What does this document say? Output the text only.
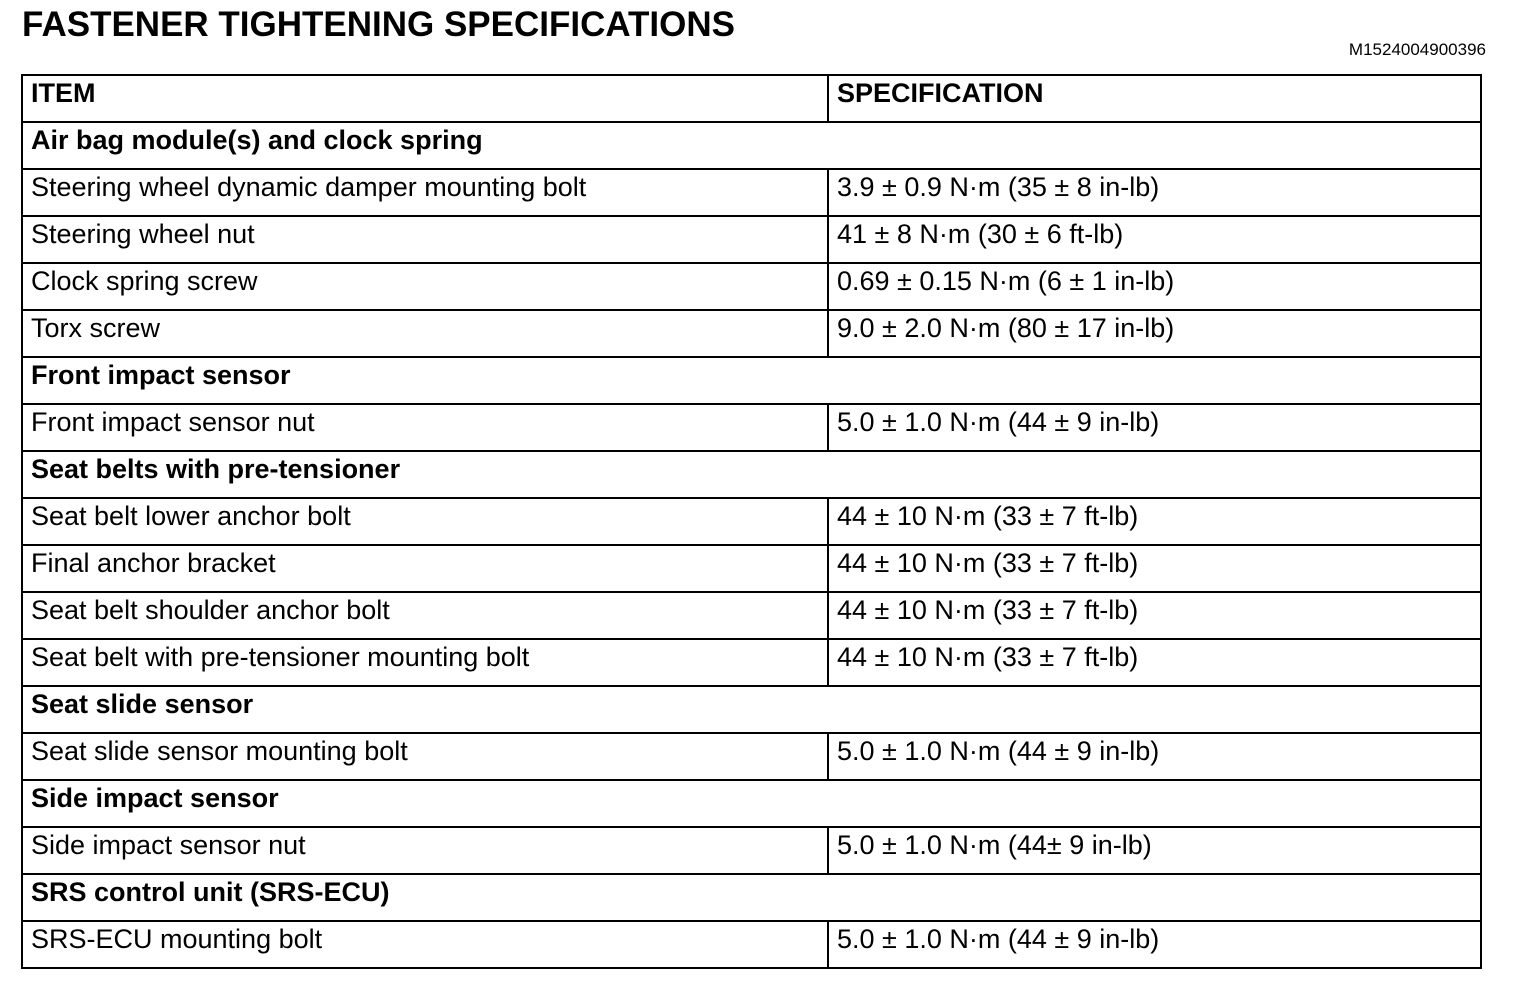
FASTENER TIGHTENING SPECIFICATIONS
M1524004900396
ITEM	SPECIFICATION
Air bag module(s) and clock spring	
Steering wheel dynamic damper mounting bolt	3.9 ± 0.9 N·m (35 ± 8 in-lb)
Steering wheel nut	41 ± 8 N·m (30 ± 6 ft-lb)
Clock spring screw	0.69 ± 0.15 N·m (6 ± 1 in-lb)
Torx screw	9.0 ± 2.0 N·m (80 ± 17 in-lb)
Front impact sensor	
Front impact sensor nut	5.0 ± 1.0 N·m (44 ± 9 in-lb)
Seat belts with pre-tensioner	
Seat belt lower anchor bolt	44 ± 10 N·m (33 ± 7 ft-lb)
Final anchor bracket	44 ± 10 N·m (33 ± 7 ft-lb)
Seat belt shoulder anchor bolt	44 ± 10 N·m (33 ± 7 ft-lb)
Seat belt with pre-tensioner mounting bolt	44 ± 10 N·m (33 ± 7 ft-lb)
Seat slide sensor	
Seat slide sensor mounting bolt	5.0 ± 1.0 N·m (44 ± 9 in-lb)
Side impact sensor	
Side impact sensor nut	5.0 ± 1.0 N·m (44± 9 in-lb)
SRS control unit (SRS-ECU)	
SRS-ECU mounting bolt	5.0 ± 1.0 N·m (44 ± 9 in-lb)
